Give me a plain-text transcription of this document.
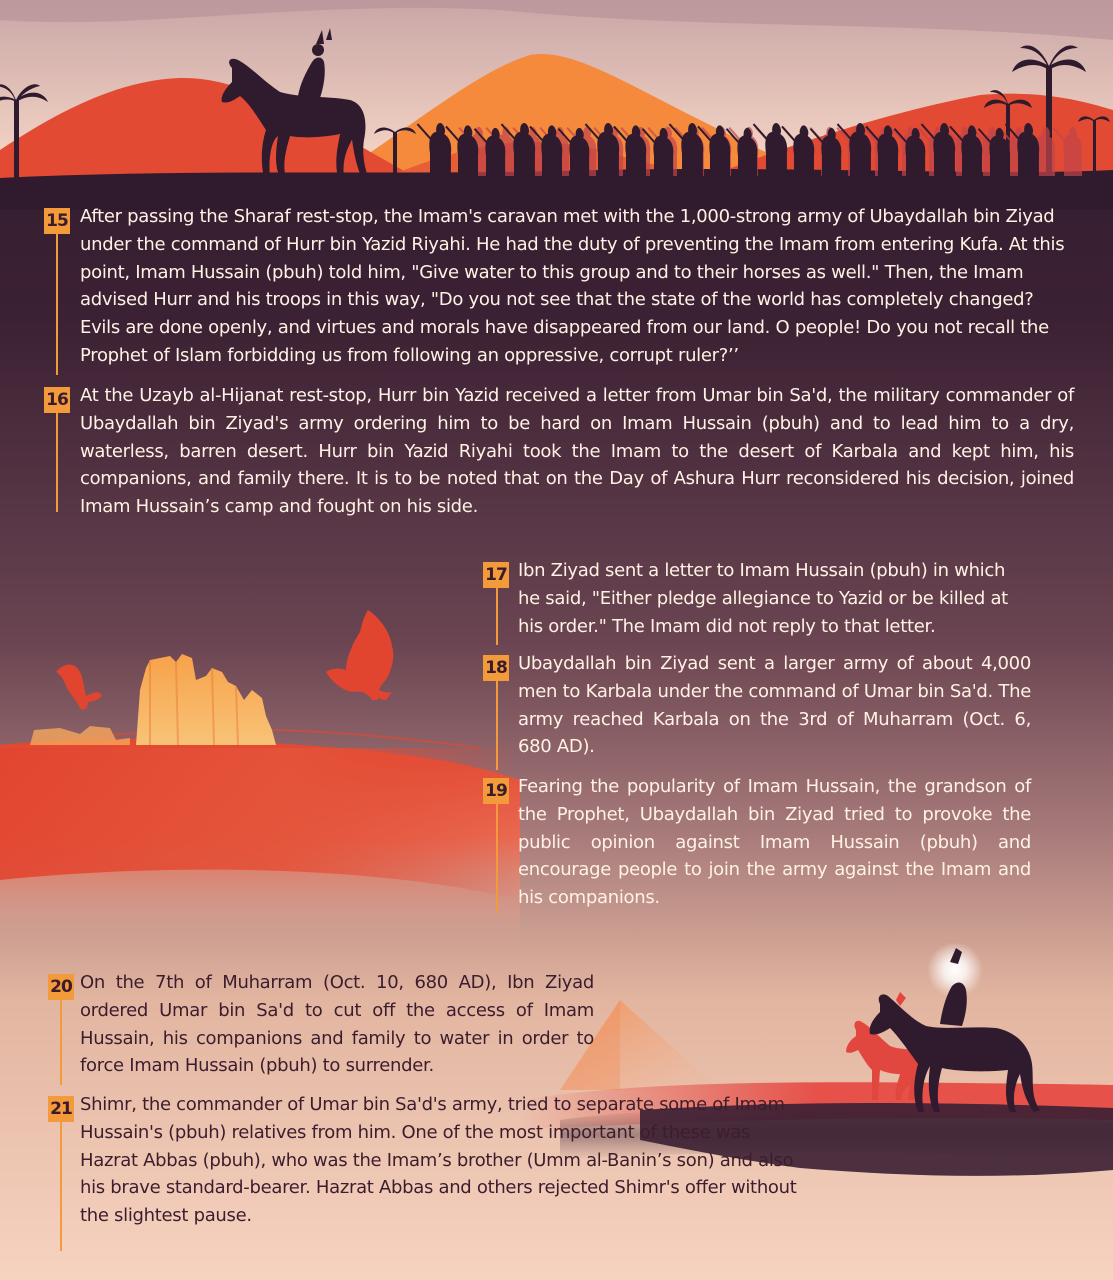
15 After passing the Sharaf rest-stop, the Imam's caravan met with the 1,000-strong army of Ubaydallah bin Ziyad under the command of Hurr bin Yazid Riyahi. He had the duty of preventing the Imam from entering Kufa. At this point, Imam Hussain (pbuh) told him, "Give water to this group and to their horses as well." Then, the Imam advised Hurr and his troops in this way, "Do you not see that the state of the world has completely changed? Evils are done openly, and virtues and morals have disappeared from our land. O people! Do you not recall the Prophet of Islam forbidding us from following an oppressive, corrupt ruler?’’

16 At the Uzayb al-Hijanat rest-stop, Hurr bin Yazid received a letter from Umar bin Sa'd, the military commander of Ubaydallah bin Ziyad's army ordering him to be hard on Imam Hussain (pbuh) and to lead him to a dry, waterless, barren desert. Hurr bin Yazid Riyahi took the Imam to the desert of Karbala and kept him, his companions, and family there. It is to be noted that on the Day of Ashura Hurr reconsidered his decision, joined Imam Hussain’s camp and fought on his side.

17 Ibn Ziyad sent a letter to Imam Hussain (pbuh) in which he said, "Either pledge allegiance to Yazid or be killed at his order." The Imam did not reply to that letter.

18 Ubaydallah bin Ziyad sent a larger army of about 4,000 men to Karbala under the command of Umar bin Sa'd. The army reached Karbala on the 3rd of Muharram (Oct. 6, 680 AD).

19 Fearing the popularity of Imam Hussain, the grandson of the Prophet, Ubaydallah bin Ziyad tried to provoke the public opinion against Imam Hussain (pbuh) and encourage people to join the army against the Imam and his companions.

20 On the 7th of Muharram (Oct. 10, 680 AD), Ibn Ziyad ordered Umar bin Sa'd to cut off the access of Imam Hussain, his companions and family to water in order to force Imam Hussain (pbuh) to surrender.

21 Shimr, the commander of Umar bin Sa'd's army, tried to separate some of Imam Hussain's (pbuh) relatives from him. One of the most important of these was Hazrat Abbas (pbuh), who was the Imam’s brother (Umm al-Banin’s son) and also his brave standard-bearer. Hazrat Abbas and others rejected Shimr's offer without the slightest pause.
